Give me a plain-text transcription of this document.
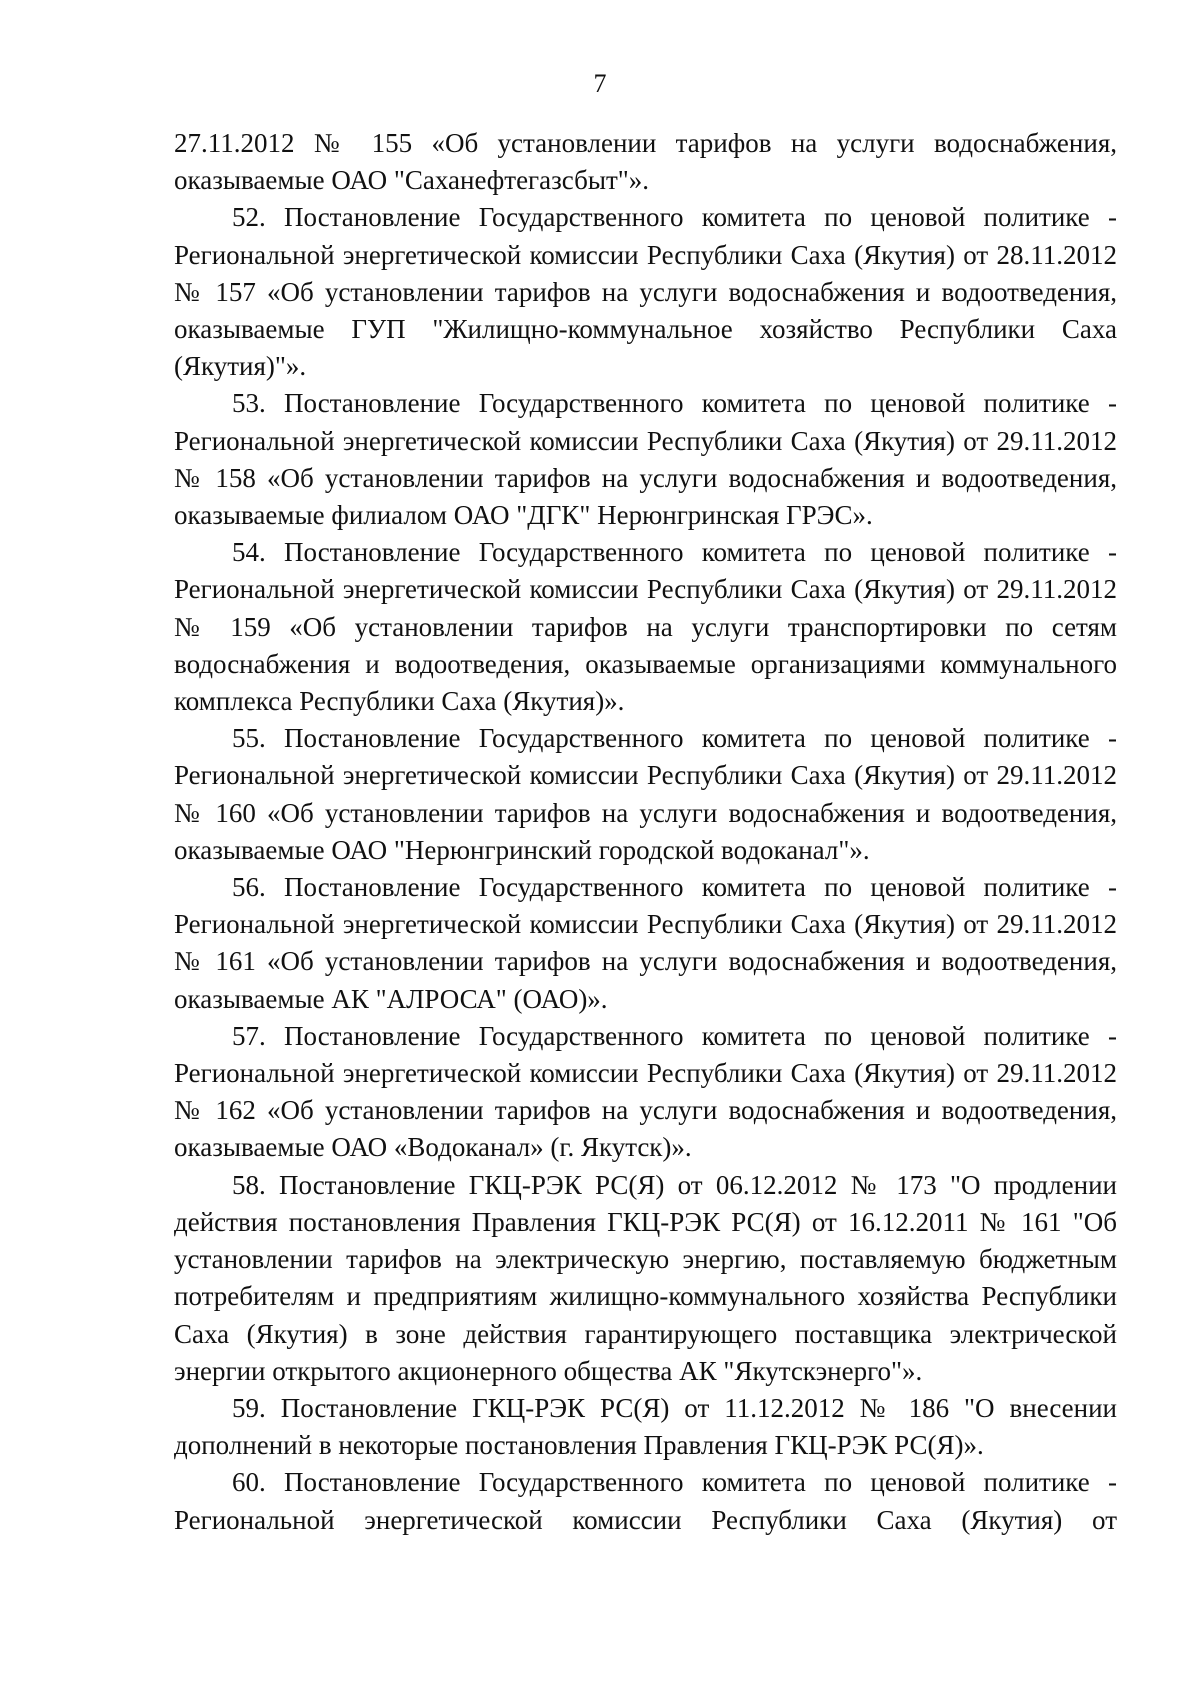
7

27.11.2012 № 155 «Об установлении тарифов на услуги водоснабжения, оказываемые ОАО "Саханефтегазсбыт"».

52. Постановление Государственного комитета по ценовой политике - Региональной энергетической комиссии Республики Саха (Якутия) от 28.11.2012 № 157 «Об установлении тарифов на услуги водоснабжения и водоотведения, оказываемые ГУП "Жилищно-коммунальное хозяйство Республики Саха (Якутия)"».

53. Постановление Государственного комитета по ценовой политике - Региональной энергетической комиссии Республики Саха (Якутия) от 29.11.2012 № 158 «Об установлении тарифов на услуги водоснабжения и водоотведения, оказываемые филиалом ОАО "ДГК" Нерюнгринская ГРЭС».

54. Постановление Государственного комитета по ценовой политике - Региональной энергетической комиссии Республики Саха (Якутия) от 29.11.2012 № 159 «Об установлении тарифов на услуги транспортировки по сетям водоснабжения и водоотведения, оказываемые организациями коммунального комплекса Республики Саха (Якутия)».

55. Постановление Государственного комитета по ценовой политике - Региональной энергетической комиссии Республики Саха (Якутия) от 29.11.2012 № 160 «Об установлении тарифов на услуги водоснабжения и водоотведения, оказываемые ОАО "Нерюнгринский городской водоканал"».

56. Постановление Государственного комитета по ценовой политике - Региональной энергетической комиссии Республики Саха (Якутия) от 29.11.2012 № 161 «Об установлении тарифов на услуги водоснабжения и водоотведения, оказываемые АК "АЛРОСА" (ОАО)».

57. Постановление Государственного комитета по ценовой политике - Региональной энергетической комиссии Республики Саха (Якутия) от 29.11.2012 № 162 «Об установлении тарифов на услуги водоснабжения и водоотведения, оказываемые ОАО «Водоканал» (г. Якутск)».

58. Постановление ГКЦ-РЭК РС(Я) от 06.12.2012 № 173 "О продлении действия постановления Правления ГКЦ-РЭК РС(Я) от 16.12.2011 № 161 "Об установлении тарифов на электрическую энергию, поставляемую бюджетным потребителям и предприятиям жилищно-коммунального хозяйства Республики Саха (Якутия) в зоне действия гарантирующего поставщика электрической энергии открытого акционерного общества АК "Якутскэнерго"».

59. Постановление ГКЦ-РЭК РС(Я) от 11.12.2012 № 186 "О внесении дополнений в некоторые постановления Правления ГКЦ-РЭК РС(Я)».

60. Постановление Государственного комитета по ценовой политике - Региональной энергетической комиссии Республики Саха (Якутия) от
